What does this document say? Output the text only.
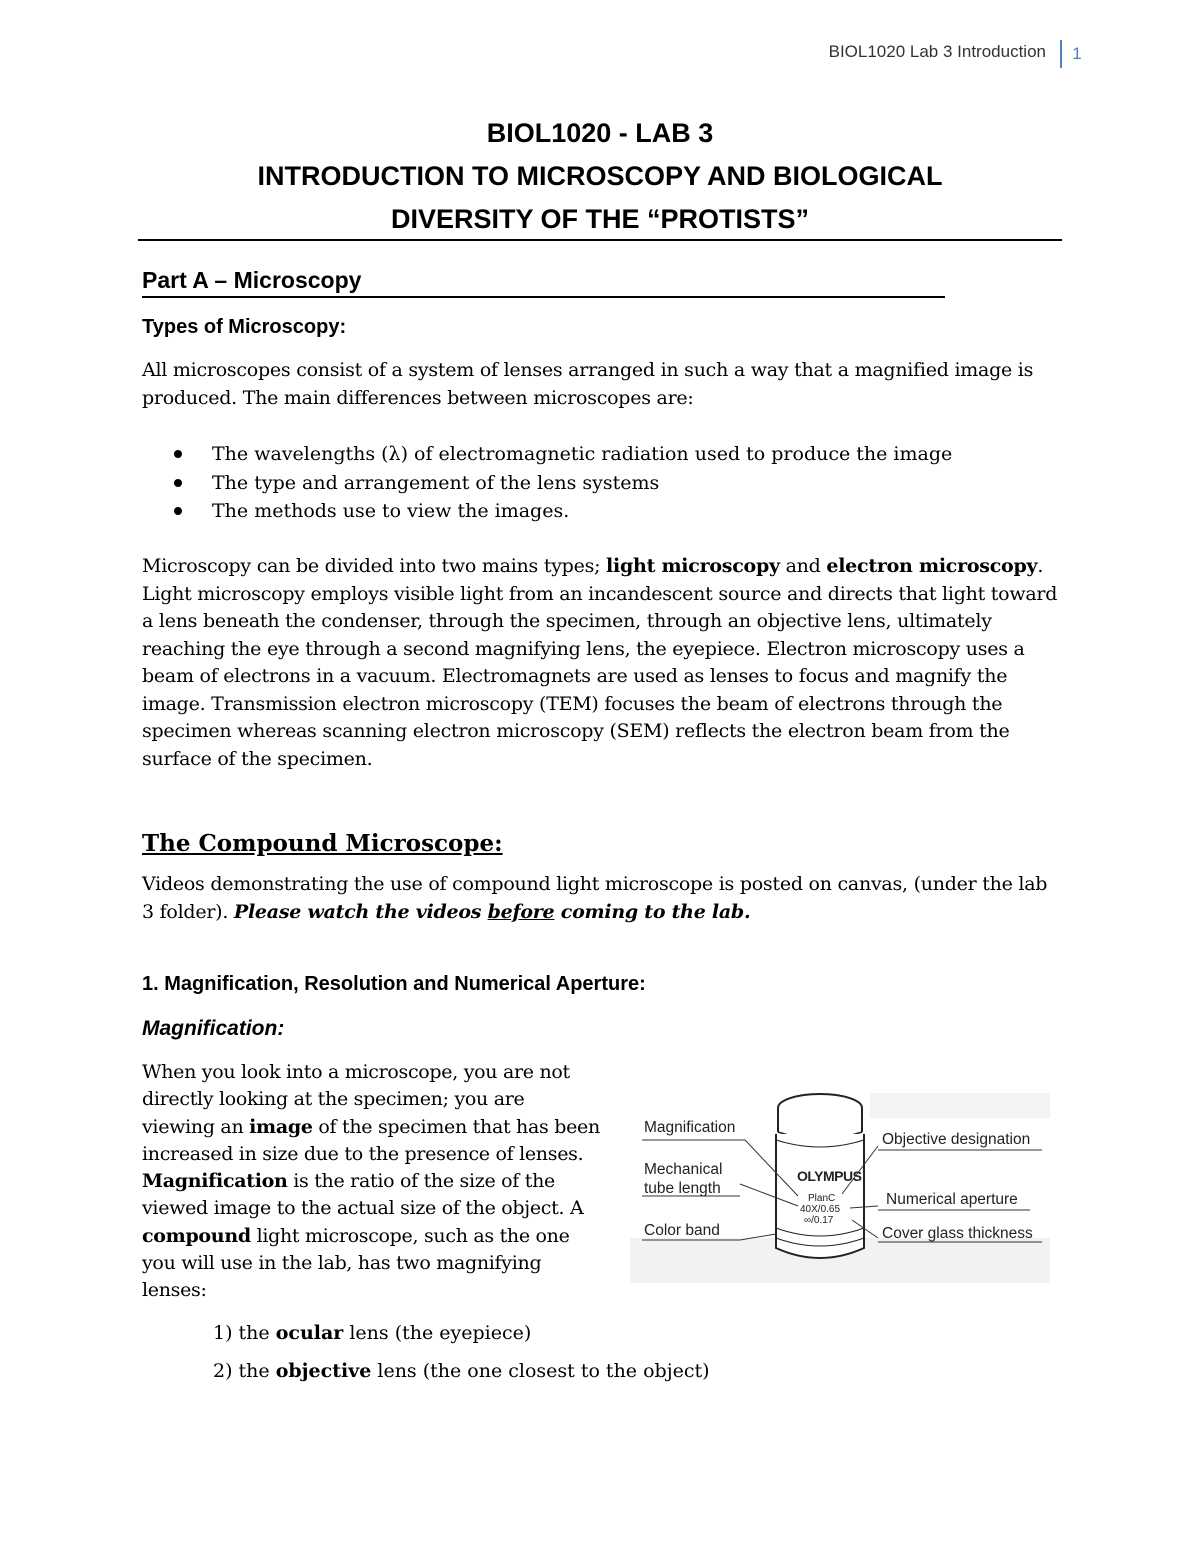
BIOL1020 Lab 3 Introduction	1
BIOL1020 - LAB 3
INTRODUCTION TO MICROSCOPY AND BIOLOGICAL
DIVERSITY OF THE “PROTISTS”
Part A – Microscopy
Types of Microscopy:

All microscopes consist of a system of lenses arranged in such a way that a magnified image is produced. The main differences between microscopes are:

The wavelengths (λ) of electromagnetic radiation used to produce the image
The type and arrangement of the lens systems
The methods use to view the images.

Microscopy can be divided into two mains types; light microscopy and electron microscopy. Light microscopy employs visible light from an incandescent source and directs that light toward a lens beneath the condenser, through the specimen, through an objective lens, ultimately reaching the eye through a second magnifying lens, the eyepiece. Electron microscopy uses a beam of electrons in a vacuum. Electromagnets are used as lenses to focus and magnify the image. Transmission electron microscopy (TEM) focuses the beam of electrons through the specimen whereas scanning electron microscopy (SEM) reflects the electron beam from the surface of the specimen.

The Compound Microscope:

Videos demonstrating the use of compound light microscope is posted on canvas, (under the lab 3 folder). Please watch the videos before coming to the lab.

1. Magnification, Resolution and Numerical Aperture:
Magnification:
When you look into a microscope, you are not directly looking at the specimen; you are viewing an image of the specimen that has been increased in size due to the presence of lenses. Magnification is the ratio of the size of the viewed image to the actual size of the object. A compound light microscope, such as the one you will use in the lab, has two magnifying lenses:
1) the ocular lens (the eyepiece)
2) the objective lens (the one closest to the object)
OLYMPUS
PlanC
40X/0.65
∞/0.17
Magnification
Mechanical tube length
Color band
Objective designation
Numerical aperture
Cover glass thickness
